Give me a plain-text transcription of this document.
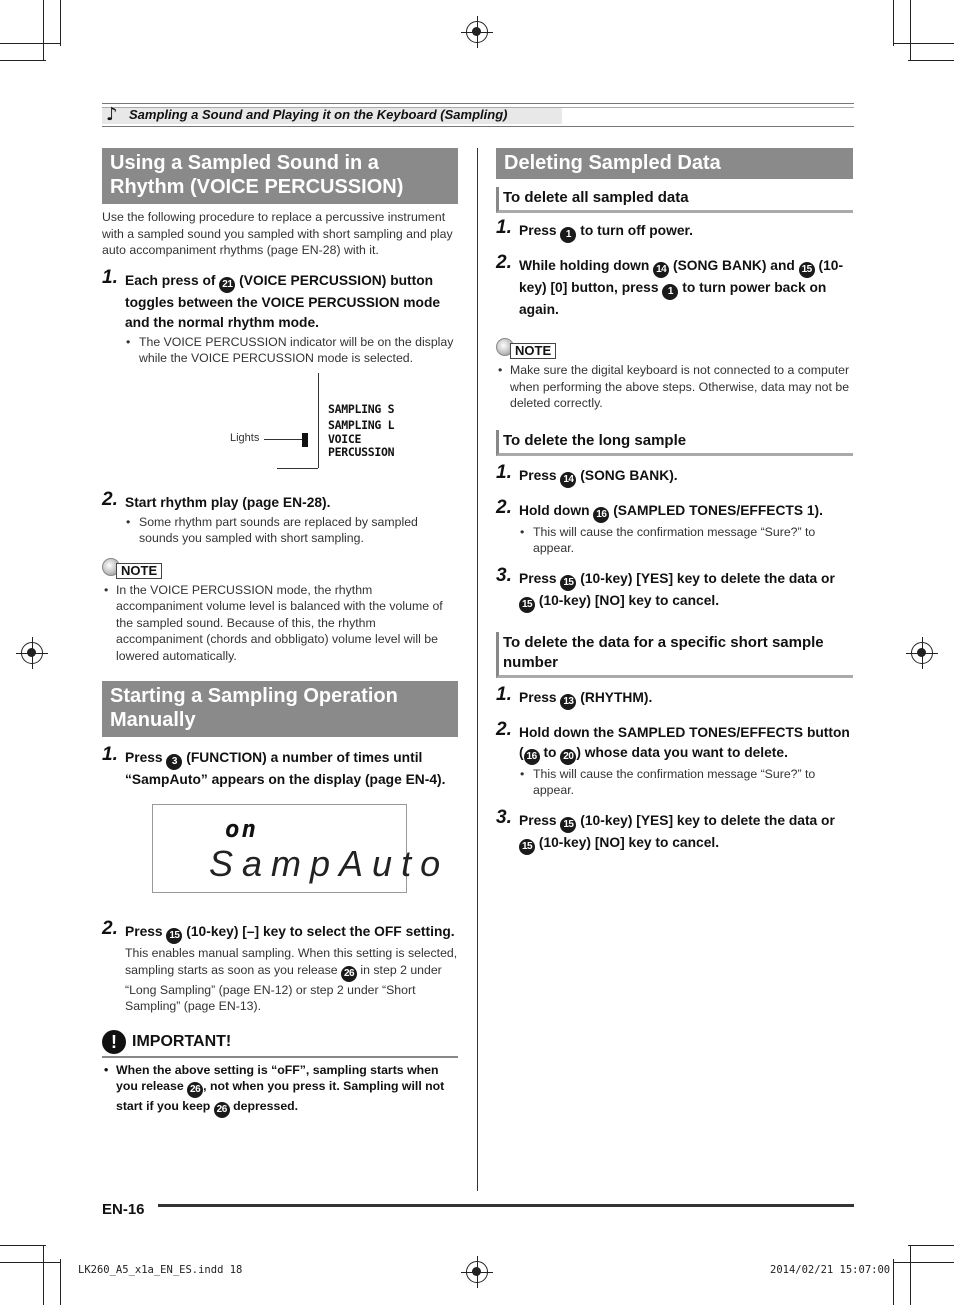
♪ Sampling a Sound and Playing it on the Keyboard (Sampling)
Using a Sampled Sound in a Rhythm (VOICE PERCUSSION)

Use the following procedure to replace a percussive instrument with a sampled sound you sampled with short sampling and play auto accompaniment rhythms (page EN-28) with it.

1. Each press of 21 (VOICE PERCUSSION) button toggles between the VOICE PERCUSSION mode and the normal rhythm mode.
• The VOICE PERCUSSION indicator will be on the display while the VOICE PERCUSSION mode is selected.
Lights
SAMPLING S
SAMPLING L
VOICE
PERCUSSION
2. Start rhythm play (page EN-28).
• Some rhythm part sounds are replaced by sampled sounds you sampled with short sampling.
NOTE
• In the VOICE PERCUSSION mode, the rhythm accompaniment volume level is balanced with the volume of the sampled sound. Because of this, the rhythm accompaniment (chords and obbligato) volume level will be lowered automatically.
Starting a Sampling Operation Manually
1. Press 3 (FUNCTION) a number of times until “SampAuto” appears on the display (page EN-4).
on
SampAuto
2. Press 15 (10-key) [–] key to select the OFF setting.
This enables manual sampling. When this setting is selected, sampling starts as soon as you release 26 in step 2 under “Long Sampling” (page EN-12) or step 2 under “Short Sampling” (page EN-13).
! IMPORTANT!
• When the above setting is “oFF”, sampling starts when you release 26 , not when you press it. Sampling will not start if you keep 26 depressed.
Deleting Sampled Data
To delete all sampled data
1. Press 1 to turn off power.
2. While holding down 14 (SONG BANK) and 15 (10-key) [0] button, press 1 to turn power back on again.
NOTE
• Make sure the digital keyboard is not connected to a computer when performing the above steps. Otherwise, data may not be deleted correctly.
To delete the long sample
1. Press 14 (SONG BANK).
2. Hold down 16 (SAMPLED TONES/EFFECTS 1).
• This will cause the confirmation message “Sure?” to appear.
3. Press 15 (10-key) [YES] key to delete the data or 15 (10-key) [NO] key to cancel.
To delete the data for a specific short sample number
1. Press 13 (RHYTHM).
2. Hold down the SAMPLED TONES/EFFECTS button ( 16 to 20 ) whose data you want to delete.
• This will cause the confirmation message “Sure?” to appear.
3. Press 15 (10-key) [YES] key to delete the data or 15 (10-key) [NO] key to cancel.
EN-16
LK260_A5_x1a_EN_ES.indd 18	2014/02/21 15:07:00
